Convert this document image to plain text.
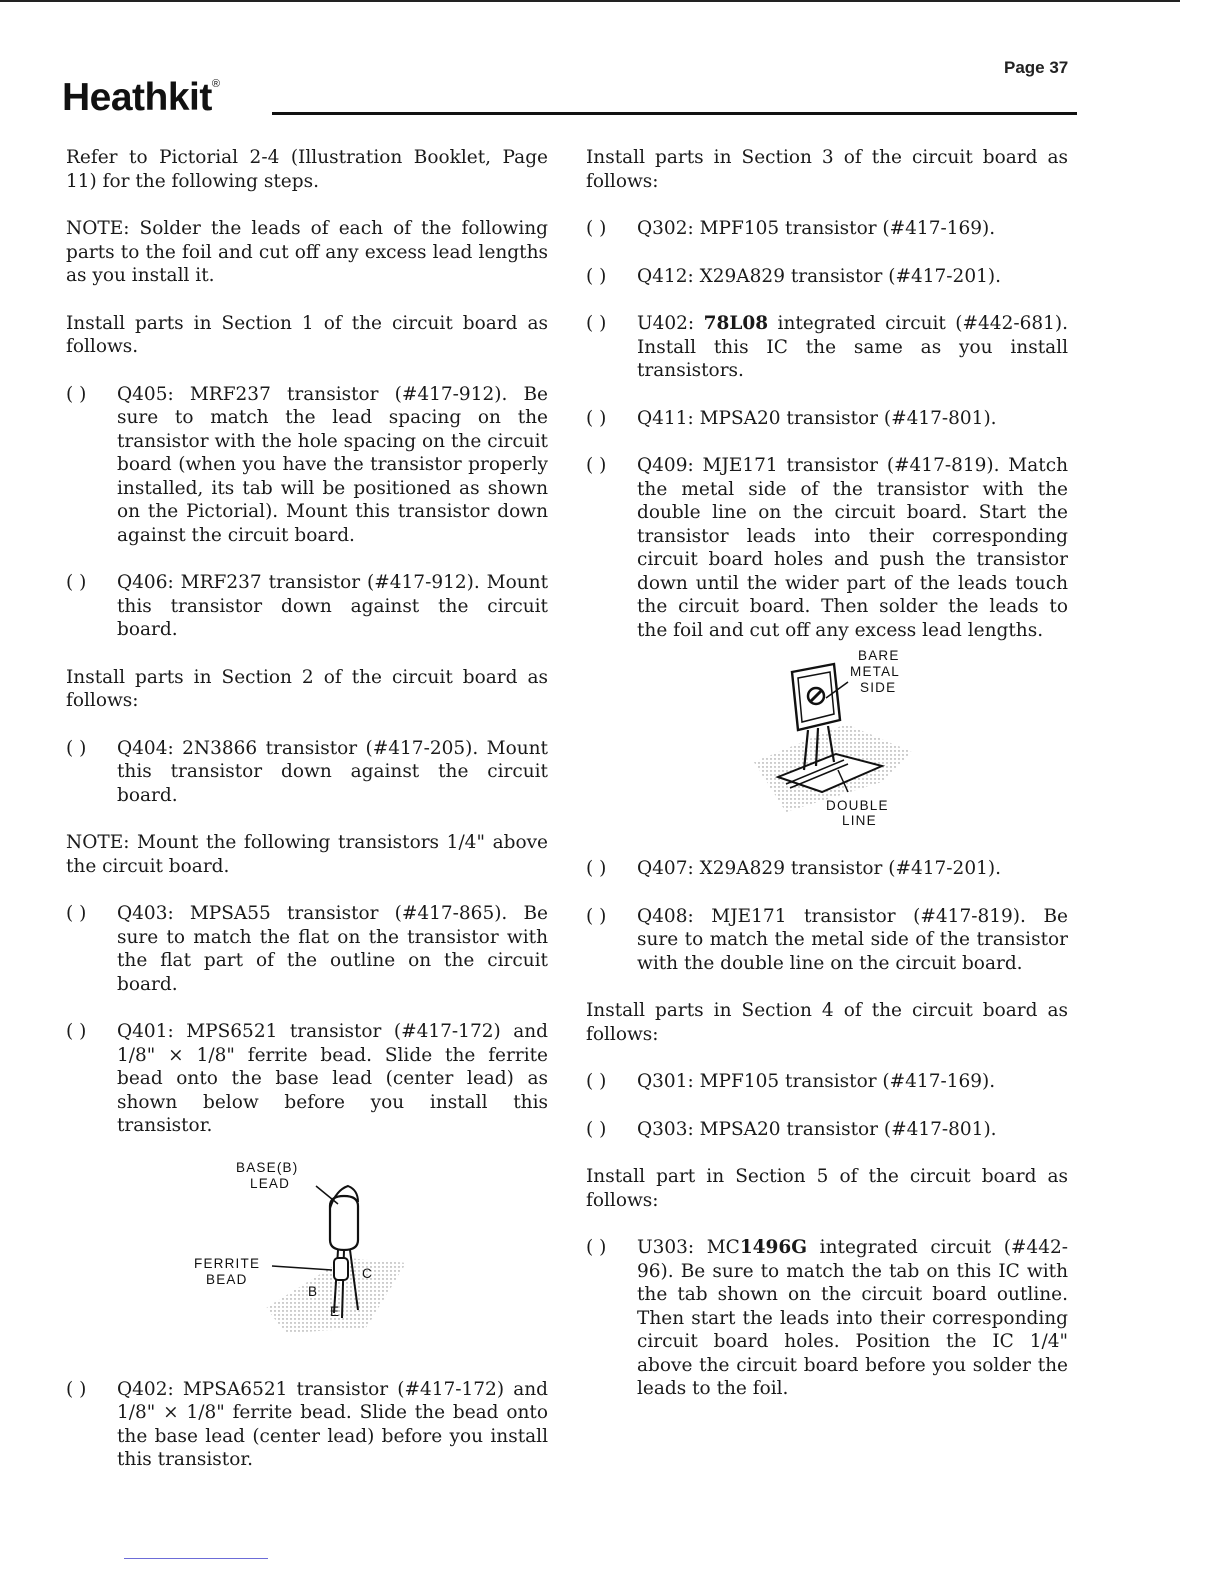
Page 37
Heathkit®

Refer to Pictorial 2-4 (Illustration Booklet, Page 11) for the following steps.

NOTE: Solder the leads of each of the following parts to the foil and cut off any excess lead lengths as you install it.

Install parts in Section 1 of the circuit board as follows.

( ) Q405: MRF237 transistor (#417-912). Be sure to match the lead spacing on the transistor with the hole spacing on the circuit board (when you have the transistor properly installed, its tab will be positioned as shown on the Pictorial). Mount this transistor down against the circuit board.
( ) Q406: MRF237 transistor (#417-912). Mount this transistor down against the circuit board.

Install parts in Section 2 of the circuit board as follows:

( ) Q404: 2N3866 transistor (#417-205). Mount this transistor down against the circuit board.

NOTE: Mount the following transistors 1/4" above the circuit board.

( ) Q403: MPSA55 transistor (#417-865). Be sure to match the flat on the transistor with the flat part of the outline on the circuit board.
( ) Q401: MPS6521 transistor (#417-172) and 1/8" × 1/8" ferrite bead. Slide the ferrite bead onto the base lead (center lead) as shown below before you install this transistor.
BASE(B)
LEAD
FERRITE
BEAD
B
C
E
( ) Q402: MPSA6521 transistor (#417-172) and 1/8" × 1/8" ferrite bead. Slide the bead onto the base lead (center lead) before you install this transistor.

Install parts in Section 3 of the circuit board as follows:

( ) Q302: MPF105 transistor (#417-169).
( ) Q412: X29A829 transistor (#417-201).
( ) U402: 78L08 integrated circuit (#442-681). Install this IC the same as you install transistors.
( ) Q411: MPSA20 transistor (#417-801).
( ) Q409: MJE171 transistor (#417-819). Match the metal side of the transistor with the double line on the circuit board. Start the transistor leads into their corresponding circuit board holes and push the transistor down until the wider part of the leads touch the circuit board. Then solder the leads to the foil and cut off any excess lead lengths.
BARE
METAL
SIDE
DOUBLE
LINE
( ) Q407: X29A829 transistor (#417-201).
( ) Q408: MJE171 transistor (#417-819). Be sure to match the metal side of the transistor with the double line on the circuit board.

Install parts in Section 4 of the circuit board as follows:

( ) Q301: MPF105 transistor (#417-169).
( ) Q303: MPSA20 transistor (#417-801).

Install part in Section 5 of the circuit board as follows:

( ) U303: MC1496G integrated circuit (#442-96). Be sure to match the tab on this IC with the tab shown on the circuit board outline. Then start the leads into their corresponding circuit board holes. Position the IC 1/4" above the circuit board before you solder the leads to the foil.
